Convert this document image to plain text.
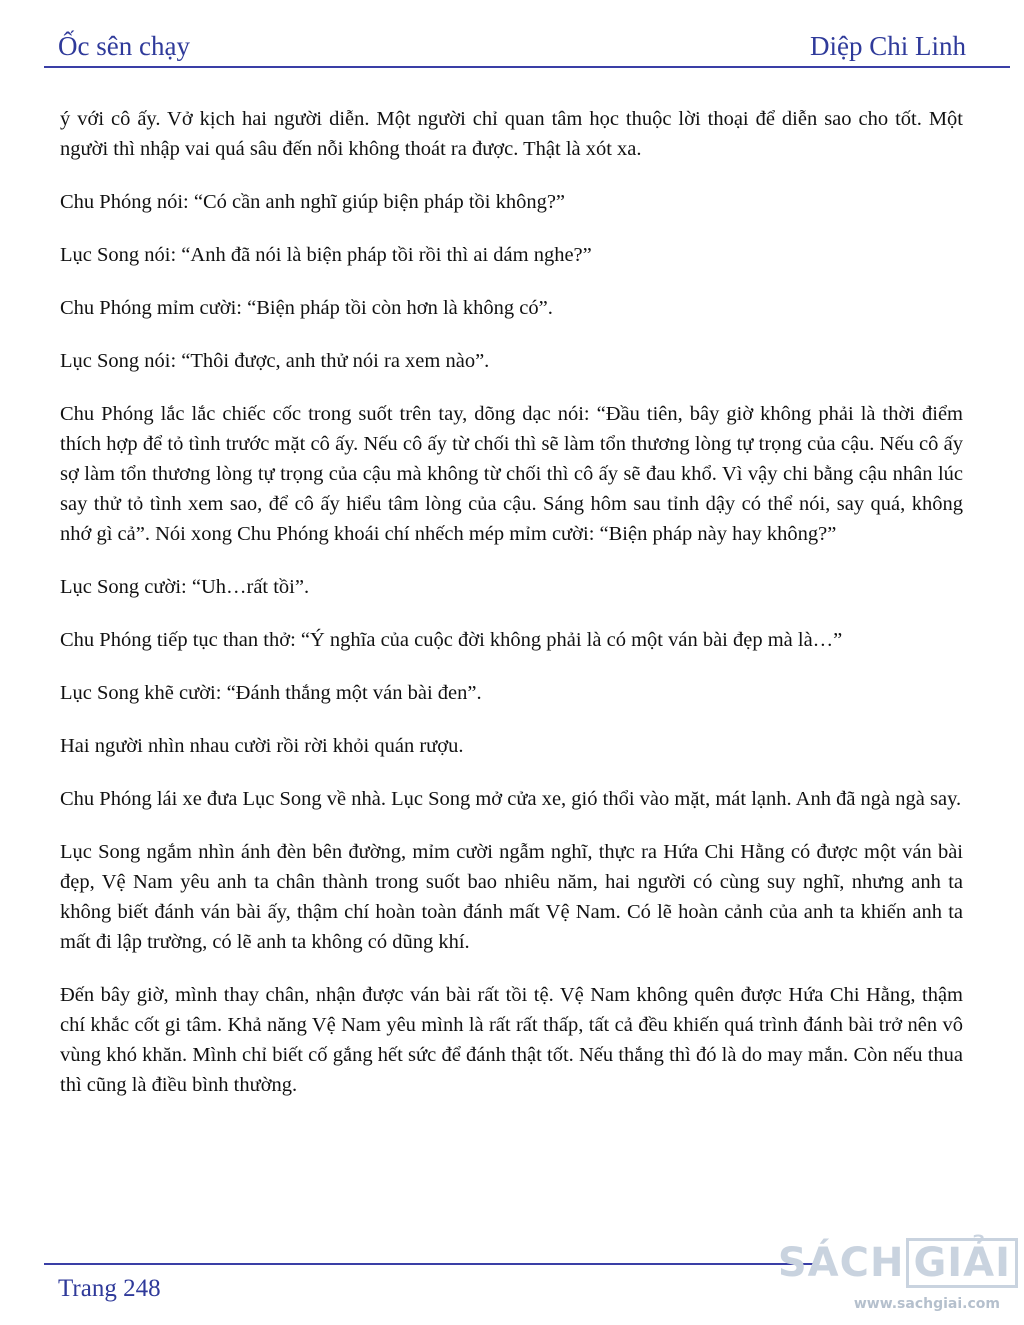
Ốc sên chạy	Diệp Chi Linh

ý với cô ấy. Vở kịch hai người diễn. Một người chỉ quan tâm học thuộc lời thoại để diễn sao cho tốt. Một người thì nhập vai quá sâu đến nỗi không thoát ra được. Thật là xót xa.

Chu Phóng nói: “Có cần anh nghĩ giúp biện pháp tồi không?”

Lục Song nói: “Anh đã nói là biện pháp tồi rồi thì ai dám nghe?”

Chu Phóng mỉm cười: “Biện pháp tồi còn hơn là không có”.

Lục Song nói: “Thôi được, anh thử nói ra xem nào”.

Chu Phóng lắc lắc chiếc cốc trong suốt trên tay, dõng dạc nói: “Đầu tiên, bây giờ không phải là thời điểm thích hợp để tỏ tình trước mặt cô ấy. Nếu cô ấy từ chối thì sẽ làm tổn thương lòng tự trọng của cậu. Nếu cô ấy sợ làm tổn thương lòng tự trọng của cậu mà không từ chối thì cô ấy sẽ đau khổ. Vì vậy chi bằng cậu nhân lúc say thử tỏ tình xem sao, để cô ấy hiểu tâm lòng của cậu. Sáng hôm sau tỉnh dậy có thể nói, say quá, không nhớ gì cả”. Nói xong Chu Phóng khoái chí nhếch mép mỉm cười: “Biện pháp này hay không?”

Lục Song cười: “Uh…rất tồi”.

Chu Phóng tiếp tục than thở: “Ý nghĩa của cuộc đời không phải là có một ván bài đẹp mà là…”

Lục Song khẽ cười: “Đánh thắng một ván bài đen”.

Hai người nhìn nhau cười rồi rời khỏi quán rượu.

Chu Phóng lái xe đưa Lục Song về nhà. Lục Song mở cửa xe, gió thổi vào mặt, mát lạnh. Anh đã ngà ngà say.

Lục Song ngắm nhìn ánh đèn bên đường, mỉm cười ngẫm nghĩ, thực ra Hứa Chi Hằng có được một ván bài đẹp, Vệ Nam yêu anh ta chân thành trong suốt bao nhiêu năm, hai người có cùng suy nghĩ, nhưng anh ta không biết đánh ván bài ấy, thậm chí hoàn toàn đánh mất Vệ Nam. Có lẽ hoàn cảnh của anh ta khiến anh ta mất đi lập trường, có lẽ anh ta không có dũng khí.

Đến bây giờ, mình thay chân, nhận được ván bài rất tồi tệ. Vệ Nam không quên được Hứa Chi Hằng, thậm chí khắc cốt gi tâm. Khả năng Vệ Nam yêu mình là rất rất thấp, tất cả đều khiến quá trình đánh bài trở nên vô vùng khó khăn. Mình chỉ biết cố gắng hết sức để đánh thật tốt. Nếu thắng thì đó là do may mắn. Còn nếu thua thì cũng là điều bình thường.

Trang 248
SÁCH GIẢI
www.sachgiai.com
